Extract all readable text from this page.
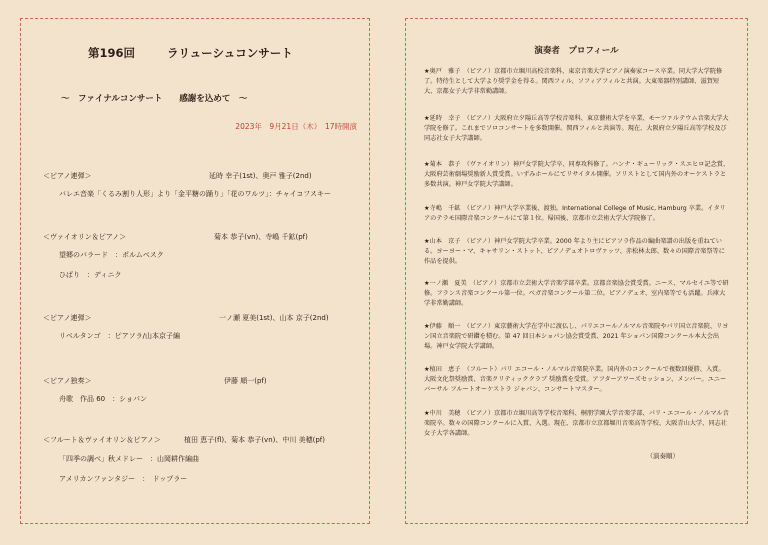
第196回	ラリューシュコンサート
～　ファイナルコンサート　　感謝を込めて　～
2023年　9月21日（木）　17時開演
＜ピアノ連弾＞	延時 幸子(1st)、奥戸 雅子(2nd)
バレエ音楽「くるみ割り人形」より「金平糖の踊り」「花のワルツ」：チャイコフスキー
＜ヴァイオリン＆ピアノ＞	菊本 恭子(vn)、寺嶋 千鉱(pf)
望郷のバラード　：ポルムベスク
ひばり　：ディニク
＜ピアノ連弾＞	一ノ瀬 夏美(1st)、山本 京子(2nd)
リベルタンゴ　：ピアソラ/山本京子編
＜ピアノ独奏＞	伊藤 順一(pf)
舟歌　作品 60　：ショパン
＜フルート＆ヴァイオリン＆ピアノ＞	植田 恵子(fl)、菊本 恭子(vn)、中川 美穂(pf)
「四季の調べ」秋メドレー　：山岡耕作編曲
アメリカンファンタジー　：　ドップラー
演奏者　プロフィール
★奥戸　雅子　（ピアノ）京都市立堀川高校音楽科、東京音楽大学ピアノ演奏家コース卒業。同大学大学院修了。特待生として大学より奨学金を得る。関西フィル、ソフィアフィルと共演。大東楽器特別講師、滋賀短大、京都女子大学非常勤講師。
★延時　幸子　（ピアノ）大阪府立夕陽丘高等学校音楽科、東京藝術大学を卒業、モーツァルテウム音楽大学大学院を修了。これまでソロコンサートを多数開催。関西フィルと共演等。現在、大阪府立夕陽丘高等学校及び同志社女子大学講師。
★菊本　恭子　（ヴァイオリン）神戸女学院大学卒、同専攻科修了。ハンナ・ギューリック・スエヒロ記念賞、大阪府芸術劇場奨励新人賞受賞。いずみホールにてリサイタル開催。ソリストとして国内外のオーケストラと多数共演。神戸女学院大学講師。
★寺嶋　千鉱　（ピアノ）神戸大学卒業後、渡独。International College of Music, Hamburg 卒業。イタリアのテラモ国際音楽コンクールにて第１位。帰国後、京都市立芸術大学大学院修了。
★山本　京子　（ピアノ）神戸女学院大学卒業。2000 年より主にピアソラ作品の編曲楽譜の出版を重ねている。ヨーヨー・マ、キャサリン・ストット、ピアノデュオトロヴァッツ、赤松林太郎、数々の国際音楽祭等に作品を提供。
★一ノ瀬　夏美　（ピアノ）京都市立芸術大学音楽学部卒業。京都音楽協会賞受賞。ニース、マルセイユ等で研修。フランス音楽コンクール第一位。ベガ音楽コンクール第二位。ピアノデュオ、室内楽等でも活躍。兵庫大学非常勤講師。
★伊藤　順一　（ピアノ）東京藝術大学在学中に渡仏し、パリエコールノルマル音楽院やパリ国立音楽院、リヨン国立音楽院で研鑽を積む。第 47 回日本ショパン協会賞受賞、2021 年ショパン国際コンクール本大会出場。神戸女学院大学講師。
★植田　恵子　（フルート）パリ エコール・ノルマル音楽院卒業。国内外のコンクールで複数回優勝、入賞。大阪文化祭奨励賞、音楽クリティッククラブ 奨励賞を受賞。アフターアワーズセッション、メンバー。ユニーバーサル フルートオーケストラ ジャパン、コンサートマスター。
★中川　美穂　（ピアノ）京都市立堀川高等学校音楽科、桐朋学園大学音楽学部、パリ・エコール・ノルマル音楽院卒。数々の国際コンクールに入賞、入選。現在、京都市立京都堀川音楽高等学校、大阪青山大学、同志社女子大学各講師。
（演奏順）
